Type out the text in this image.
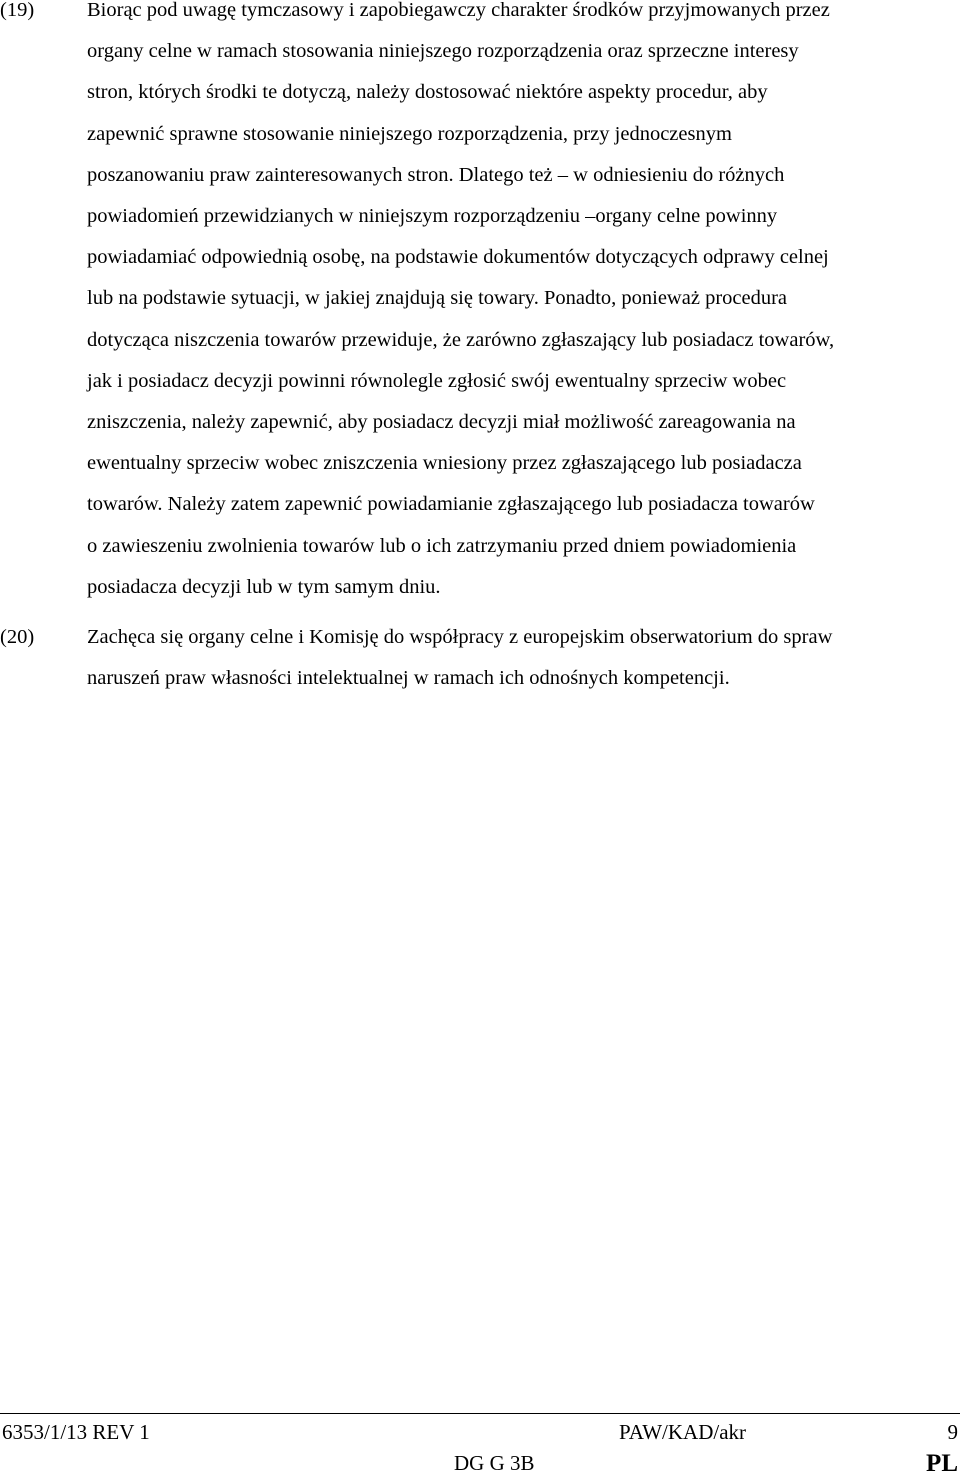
(19)	Biorąc pod uwagę tymczasowy i zapobiegawczy charakter środków przyjmowanych przez
organy celne w ramach stosowania niniejszego rozporządzenia oraz sprzeczne interesy
stron, których środki te dotyczą, należy dostosować niektóre aspekty procedur, aby
zapewnić sprawne stosowanie niniejszego rozporządzenia, przy jednoczesnym
poszanowaniu praw zainteresowanych stron. Dlatego też – w odniesieniu do różnych
powiadomień przewidzianych w niniejszym rozporządzeniu –organy celne powinny
powiadamiać odpowiednią osobę, na podstawie dokumentów dotyczących odprawy celnej
lub na podstawie sytuacji, w jakiej znajdują się towary. Ponadto, ponieważ procedura
dotycząca niszczenia towarów przewiduje, że zarówno zgłaszający lub posiadacz towarów,
jak i posiadacz decyzji powinni równolegle zgłosić swój ewentualny sprzeciw wobec
zniszczenia, należy zapewnić, aby posiadacz decyzji miał możliwość zareagowania na
ewentualny sprzeciw wobec zniszczenia wniesiony przez zgłaszającego lub posiadacza
towarów. Należy zatem zapewnić powiadamianie zgłaszającego lub posiadacza towarów
o zawieszeniu zwolnienia towarów lub o ich zatrzymaniu przed dniem powiadomienia
posiadacza decyzji lub w tym samym dniu.
(20)	Zachęca się organy celne i Komisję do współpracy z europejskim obserwatorium do spraw
naruszeń praw własności intelektualnej w ramach ich odnośnych kompetencji.
6353/1/13 REV 1	PAW/KAD/akr	9
DG G 3B	PL
